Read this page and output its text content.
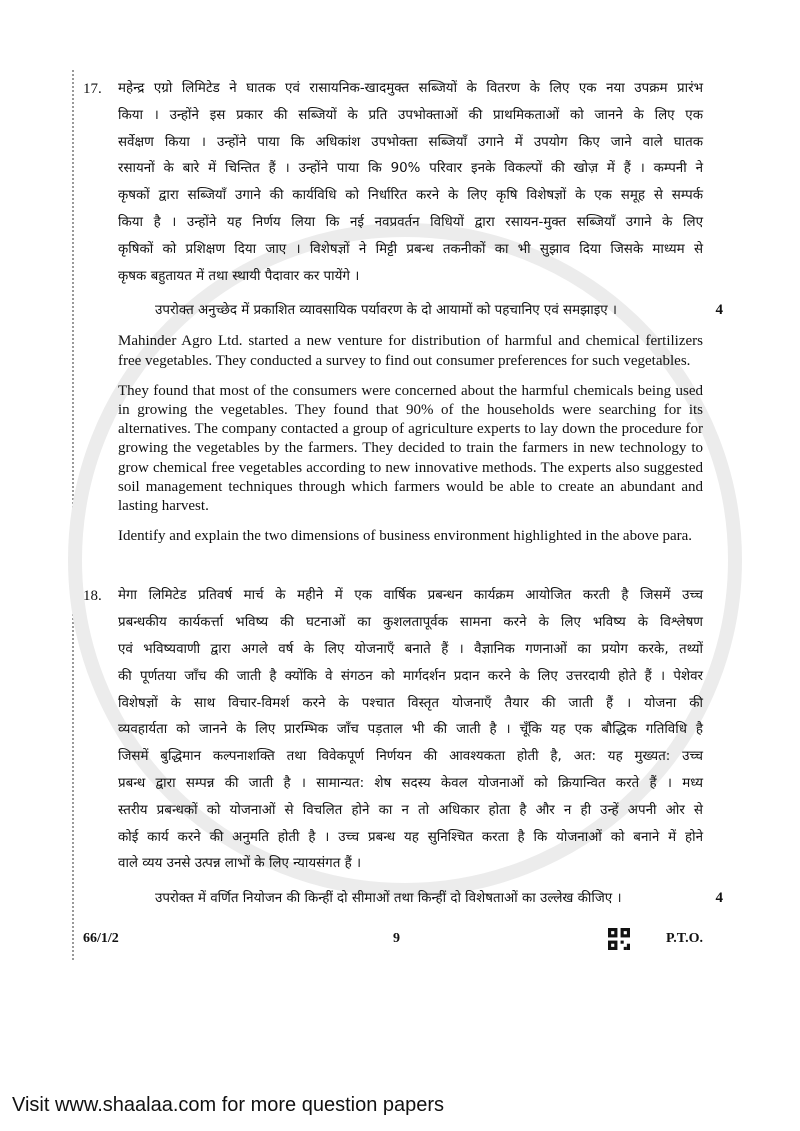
17.	महेन्द्र एग्रो लिमिटेड ने घातक एवं रासायनिक-खादमुक्त सब्जियों के वितरण के लिए एक नया उपक्रम प्रारंभ
किया । उन्होंने इस प्रकार की सब्जियों के प्रति उपभोक्ताओं की प्राथमिकताओं को जानने के लिए एक
सर्वेक्षण किया । उन्होंने पाया कि अधिकांश उपभोक्ता सब्जियाँ उगाने में उपयोग किए जाने वाले घातक
रसायनों के बारे में चिन्तित हैं । उन्होंने पाया कि 90% परिवार इनके विकल्पों की खोज़ में हैं । कम्पनी ने
कृषकों द्वारा सब्जियाँ उगाने की कार्यविधि को निर्धारित करने के लिए कृषि विशेषज्ञों के एक समूह से सम्पर्क
किया है । उन्होंने यह निर्णय लिया कि नई नवप्रवर्तन विधियों द्वारा रसायन-मुक्त सब्जियाँ उगाने के लिए
कृषिकों को प्रशिक्षण दिया जाए । विशेषज्ञों ने मिट्टी प्रबन्ध तकनीकों का भी सुझाव दिया जिसके माध्यम से
कृषक बहुतायत में तथा स्थायी पैदावार कर पायेंगे ।
उपरोक्त अनुच्छेद में प्रकाशित व्यावसायिक पर्यावरण के दो आयामों को पहचानिए एवं समझाइए ।	4

Mahinder Agro Ltd. started a new venture for distribution of harmful and chemical fertilizers free vegetables. They conducted a survey to find out consumer preferences for such vegetables.

They found that most of the consumers were concerned about the harmful chemicals being used in growing the vegetables. They found that 90% of the households were searching for its alternatives. The company contacted a group of agriculture experts to lay down the procedure for growing the vegetables by the farmers. They decided to train the farmers in new technology to grow chemical free vegetables according to new innovative methods. The experts also suggested soil management techniques through which farmers would be able to create an abundant and lasting harvest.

Identify and explain the two dimensions of business environment highlighted in the above para.

18.	मेगा लिमिटेड प्रतिवर्ष मार्च के महीने में एक वार्षिक प्रबन्धन कार्यक्रम आयोजित करती है जिसमें उच्च
प्रबन्धकीय कार्यकर्त्ता भविष्य की घटनाओं का कुशलतापूर्वक सामना करने के लिए भविष्य के विश्लेषण
एवं भविष्यवाणी द्वारा अगले वर्ष के लिए योजनाएँ बनाते हैं । वैज्ञानिक गणनाओं का प्रयोग करके, तथ्यों
की पूर्णतया जाँच की जाती है क्योंकि वे संगठन को मार्गदर्शन प्रदान करने के लिए उत्तरदायी होते हैं । पेशेवर
विशेषज्ञों के साथ विचार-विमर्श करने के पश्चात विस्तृत योजनाएँ तैयार की जाती हैं । योजना की
व्यवहार्यता को जानने के लिए प्रारम्भिक जाँच पड़ताल भी की जाती है । चूँकि यह एक बौद्धिक गतिविधि है
जिसमें बुद्धिमान कल्पनाशक्ति तथा विवेकपूर्ण निर्णयन की आवश्यकता होती है, अत: यह मुख्यत: उच्च
प्रबन्ध द्वारा सम्पन्न की जाती है । सामान्यत: शेष सदस्य केवल योजनाओं को क्रियान्वित करते हैं । मध्य
स्तरीय प्रबन्धकों को योजनाओं से विचलित होने का न तो अधिकार होता है और न ही उन्हें अपनी ओर से
कोई कार्य करने की अनुमति होती है । उच्च प्रबन्ध यह सुनिश्चित करता है कि योजनाओं को बनाने में होने
वाले व्यय उनसे उत्पन्न लाभों के लिए न्यायसंगत हैं ।
उपरोक्त में वर्णित नियोजन की किन्हीं दो सीमाओं तथा किन्हीं दो विशेषताओं का उल्लेख कीजिए ।	4
66/1/2	9	P.T.O.
Visit www.shaalaa.com for more question papers
